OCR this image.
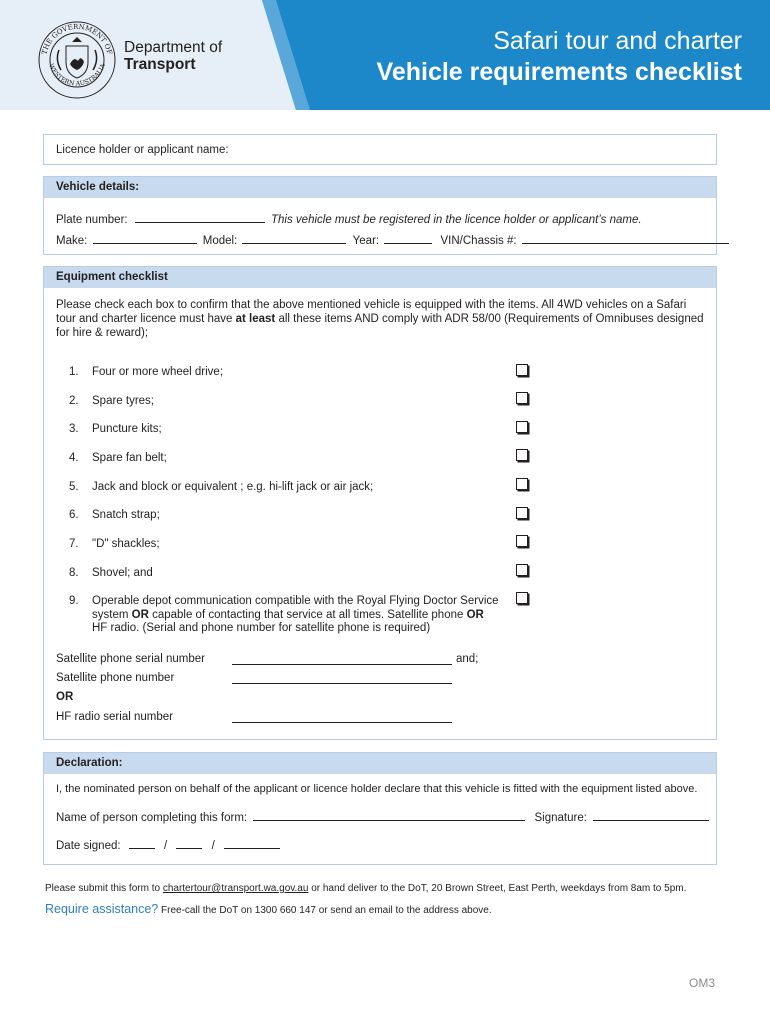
THE GOVERNMENT OF
WESTERN AUSTRALIA
Department of
Transport
Safari tour and charter
Vehicle requirements checklist
Licence holder or applicant name:
Vehicle details:
Plate number:	This vehicle must be registered in the licence holder or applicant’s name.
Make:	Model:	Year:	VIN/Chassis #:
Equipment checklist
Please check each box to confirm that the above mentioned vehicle is equipped with the items. All 4WD vehicles on a Safari tour and charter licence must have at least all these items AND comply with ADR 58/00 (Requirements of Omnibuses designed for hire & reward);
1. Four or more wheel drive;
2. Spare tyres;
3. Puncture kits;
4. Spare fan belt;
5. Jack and block or equivalent ; e.g. hi-lift jack or air jack;
6. Snatch strap;
7. "D" shackles;
8. Shovel; and
9. Operable depot communication compatible with the Royal Flying Doctor Service system OR capable of contacting that service at all times. Satellite phone OR HF radio. (Serial and phone number for satellite phone is required)
Satellite phone serial number	and;
Satellite phone number
OR
HF radio serial number
Declaration:
I, the nominated person on behalf of the applicant or licence holder declare that this vehicle is fitted with the equipment listed above.
Name of person completing this form:	Signature:
Date signed:	/	/
Please submit this form to chartertour@transport.wa.gov.au or hand deliver to the DoT, 20 Brown Street, East Perth, weekdays from 8am to 5pm.
Require assistance? Free-call the DoT on 1300 660 147 or send an email to the address above.
OM3
